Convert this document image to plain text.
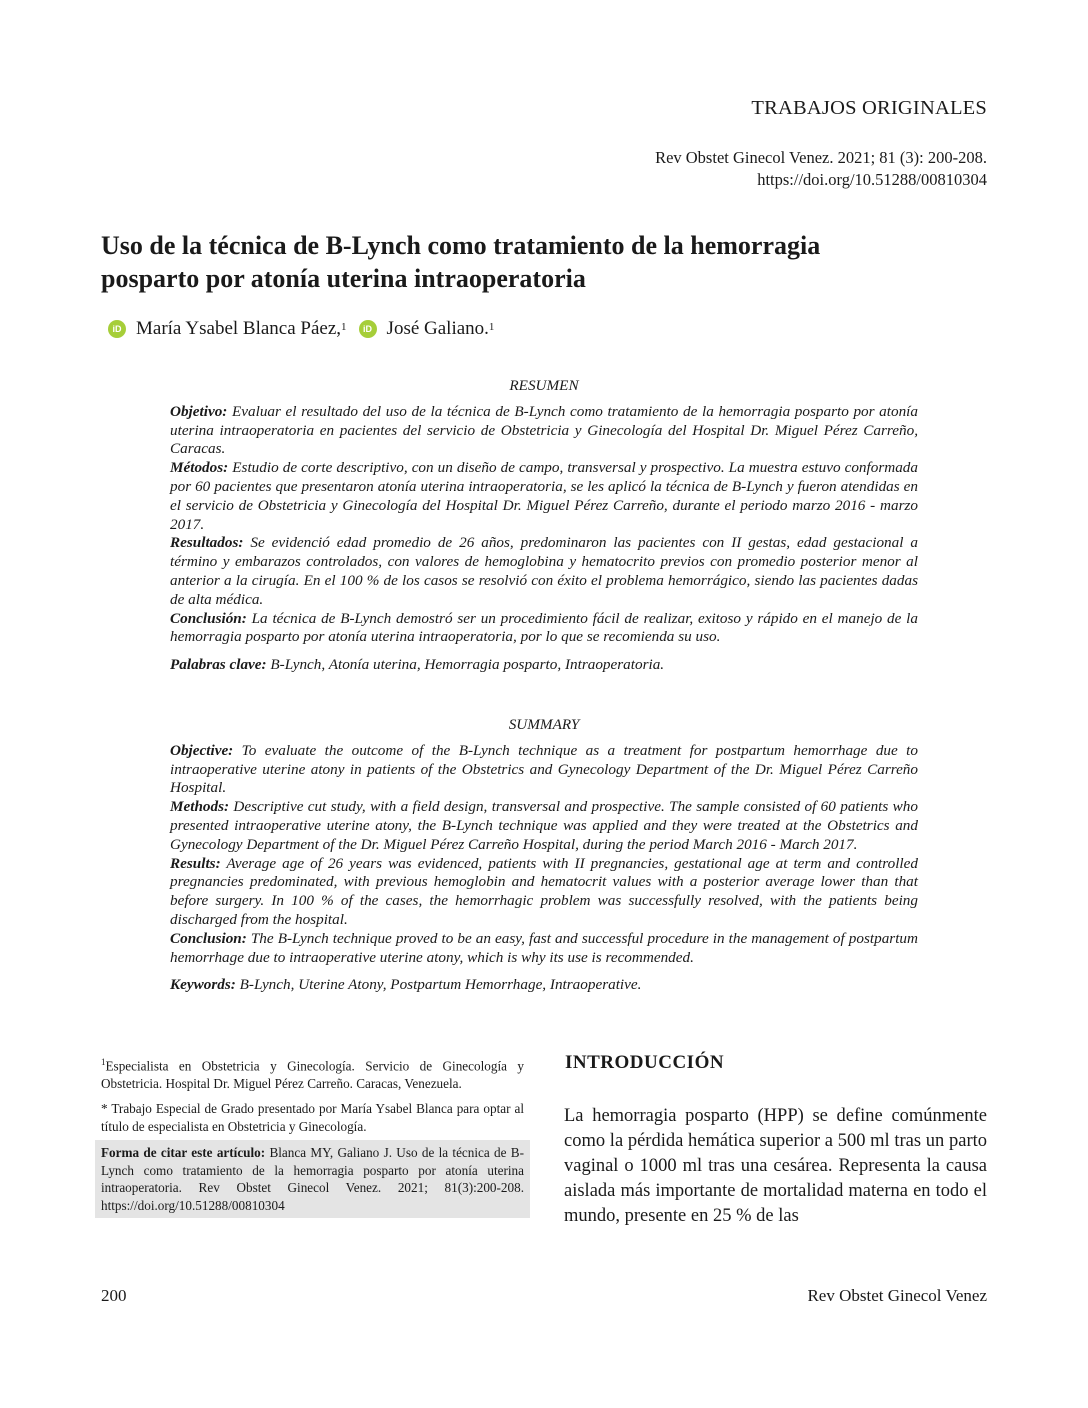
TRABAJOS ORIGINALES
Rev Obstet Ginecol Venez. 2021; 81 (3): 200-208.
https://doi.org/10.51288/00810304
Uso de la técnica de B-Lynch como tratamiento de la hemorragia
posparto por atonía uterina intraoperatoria
iD María Ysabel Blanca Páez,$^1$	iD José Galiano.$^1$
RESUMEN

Objetivo: Evaluar el resultado del uso de la técnica de B-Lynch como tratamiento de la hemorragia posparto por atonía uterina intraoperatoria en pacientes del servicio de Obstetricia y Ginecología del Hospital Dr. Miguel Pérez Carreño, Caracas.

Métodos: Estudio de corte descriptivo, con un diseño de campo, transversal y prospectivo. La muestra estuvo conformada por 60 pacientes que presentaron atonía uterina intraoperatoria, se les aplicó la técnica de B-Lynch y fueron atendidas en el servicio de Obstetricia y Ginecología del Hospital Dr. Miguel Pérez Carreño, durante el periodo marzo 2016 - marzo 2017.

Resultados: Se evidenció edad promedio de 26 años, predominaron las pacientes con II gestas, edad gestacional a término y embarazos controlados, con valores de hemoglobina y hematocrito previos con promedio posterior menor al anterior a la cirugía. En el 100 % de los casos se resolvió con éxito el problema hemorrágico, siendo las pacientes dadas de alta médica.

Conclusión: La técnica de B-Lynch demostró ser un procedimiento fácil de realizar, exitoso y rápido en el manejo de la hemorragia posparto por atonía uterina intraoperatoria, por lo que se recomienda su uso.

Palabras clave: B-Lynch, Atonía uterina, Hemorragia posparto, Intraoperatoria.

SUMMARY

Objective: To evaluate the outcome of the B-Lynch technique as a treatment for postpartum hemorrhage due to intraoperative uterine atony in patients of the Obstetrics and Gynecology Department of the Dr. Miguel Pérez Carreño Hospital.

Methods: Descriptive cut study, with a field design, transversal and prospective. The sample consisted of 60 patients who presented intraoperative uterine atony, the B-Lynch technique was applied and they were treated at the Obstetrics and Gynecology Department of the Dr. Miguel Pérez Carreño Hospital, during the period March 2016 - March 2017.

Results: Average age of 26 years was evidenced, patients with II pregnancies, gestational age at term and controlled pregnancies predominated, with previous hemoglobin and hematocrit values with a posterior average lower than that before surgery. In 100 % of the cases, the hemorrhagic problem was successfully resolved, with the patients being discharged from the hospital.

Conclusion: The B-Lynch technique proved to be an easy, fast and successful procedure in the management of postpartum hemorrhage due to intraoperative uterine atony, which is why its use is recommended.

Keywords: B-Lynch, Uterine Atony, Postpartum Hemorrhage, Intraoperative.

$^1$Especialista en Obstetricia y Ginecología. Servicio de Ginecología y Obstetricia. Hospital Dr. Miguel Pérez Carreño. Caracas, Venezuela.

* Trabajo Especial de Grado presentado por María Ysabel Blanca para optar al título de especialista en Obstetricia y Ginecología.

Forma de citar este artículo: Blanca MY, Galiano J. Uso de la técnica de B-Lynch como tratamiento de la hemorragia posparto por atonía uterina intraoperatoria. Rev Obstet Ginecol Venez. 2021; 81(3):200-208. https://doi.org/10.51288/00810304
INTRODUCCIÓN
La hemorragia posparto (HPP) se define comúnmente como la pérdida hemática superior a 500 ml tras un parto vaginal o 1000 ml tras una cesárea. Representa la causa aislada más importante de mortalidad materna en todo el mundo, presente en 25 % de las
200	Rev Obstet Ginecol Venez
